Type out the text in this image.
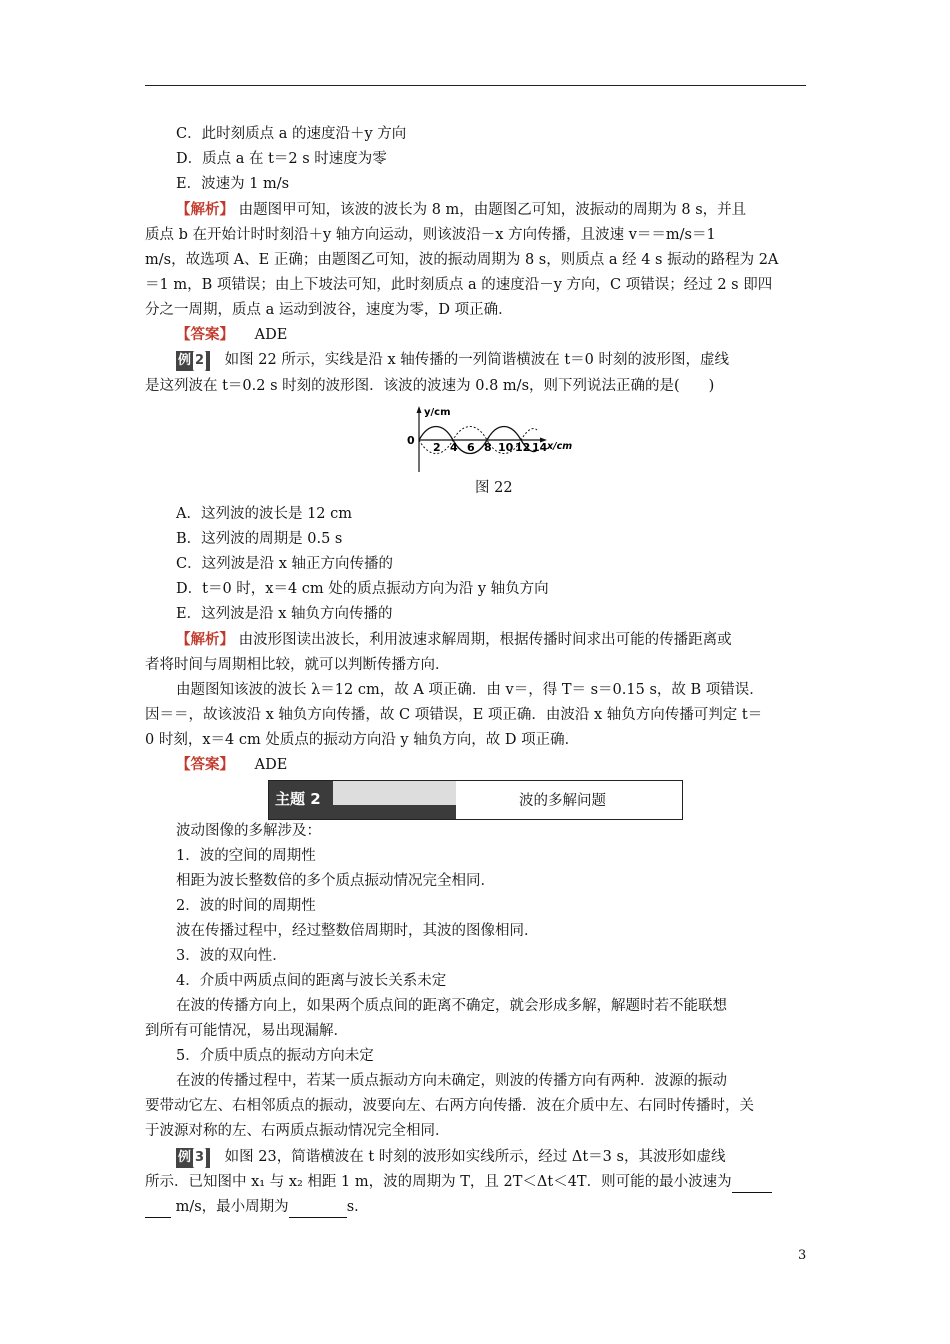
C．此时刻质点 a 的速度沿＋y 方向
D．质点 a 在 t＝2 s 时速度为零
E．波速为 1 m/s
【解析】 由题图甲可知，该波的波长为 8 m，由题图乙可知，波振动的周期为 8 s，并且
质点 b 在开始计时时刻沿＋y 轴方向运动，则该波沿－x 方向传播，且波速 v＝＝m/s＝1
m/s，故选项 A、E 正确；由题图乙可知，波的振动周期为 8 s，则质点 a 经 4 s 振动的路程为 2A
＝1 m，B 项错误；由上下坡法可知，此时刻质点 a 的速度沿－y 方向，C 项错误；经过 2 s 即四
分之一周期，质点 a 运动到波谷，速度为零，D 项正确．
【答案】 ADE
例 2 如图 22 所示，实线是沿 x 轴传播的一列简谐横波在 t＝0 时刻的波形图，虚线
是这列波在 t＝0.2 s 时刻的波形图．该波的波速为 0.8 m/s，则下列说法正确的是(　　)
y/cm
0
2 4 6 8 10 12 14 x/cm
图 22
A．这列波的波长是 12 cm
B．这列波的周期是 0.5 s
C．这列波是沿 x 轴正方向传播的
D．t＝0 时，x＝4 cm 处的质点振动方向为沿 y 轴负方向
E．这列波是沿 x 轴负方向传播的
【解析】 由波形图读出波长，利用波速求解周期，根据传播时间求出可能的传播距离或
者将时间与周期相比较，就可以判断传播方向．
由题图知该波的波长 λ＝12 cm，故 A 项正确．由 v＝，得 T＝ s＝0.15 s，故 B 项错误．
因＝＝，故该波沿 x 轴负方向传播，故 C 项错误，E 项正确．由波沿 x 轴负方向传播可判定 t＝
0 时刻，x＝4 cm 处质点的振动方向沿 y 轴负方向，故 D 项正确．
【答案】 ADE
主题 2	波的多解问题
波动图像的多解涉及：
1．波的空间的周期性
相距为波长整数倍的多个质点振动情况完全相同．
2．波的时间的周期性
波在传播过程中，经过整数倍周期时，其波的图像相同．
3．波的双向性．
4．介质中两质点间的距离与波长关系未定
在波的传播方向上，如果两个质点间的距离不确定，就会形成多解，解题时若不能联想
到所有可能情况，易出现漏解．
5．介质中质点的振动方向未定
在波的传播过程中，若某一质点振动方向未确定，则波的传播方向有两种．波源的振动
要带动它左、右相邻质点的振动，波要向左、右两方向传播．波在介质中左、右同时传播时，关
于波源对称的左、右两质点振动情况完全相同．
例 3 如图 23，简谐横波在 t 时刻的波形如实线所示，经过 Δt＝3 s，其波形如虚线
所示．已知图中 x₁ 与 x₂ 相距 1 m，波的周期为 T，且 2T＜Δt＜4T．则可能的最小波速为
m/s，最小周期为	s．
3
